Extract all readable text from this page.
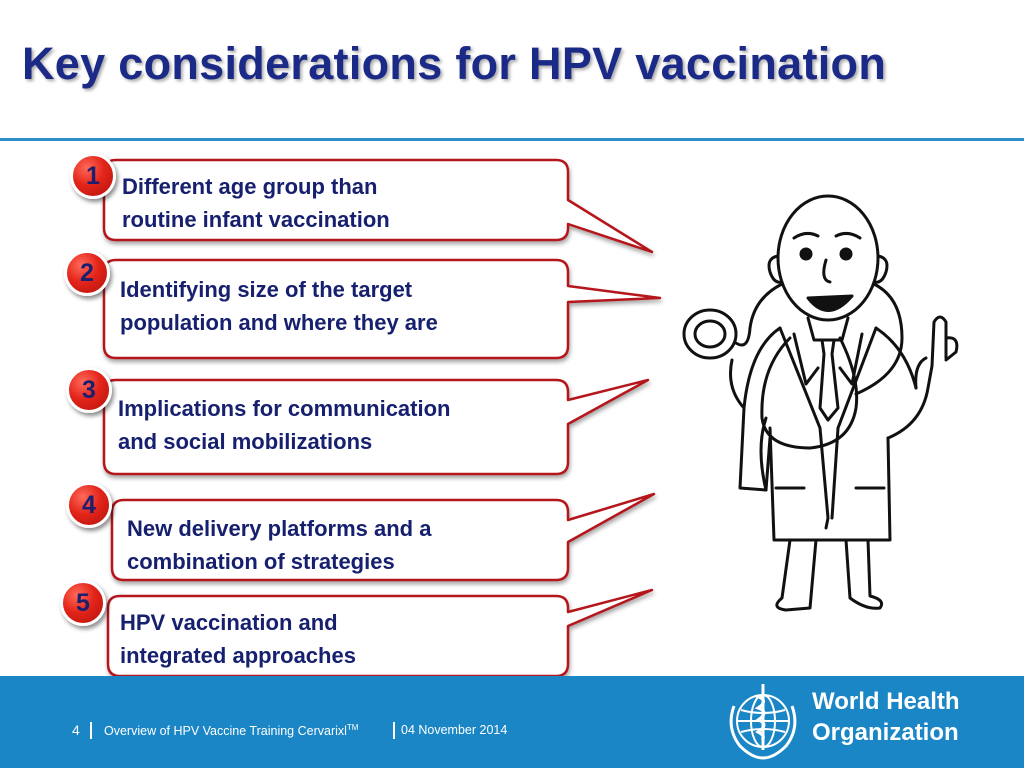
Key considerations for HPV vaccination
Different age group than
routine infant vaccination
Identifying size of the target
population and where they are
Implications for communication
and social mobilizations
New delivery platforms and a
combination of strategies
HPV vaccination and
integrated approaches
1
2
3
4
5
4 Overview of HPV Vaccine Training Cervarixl™	04 November 2014
World Health
Organization
